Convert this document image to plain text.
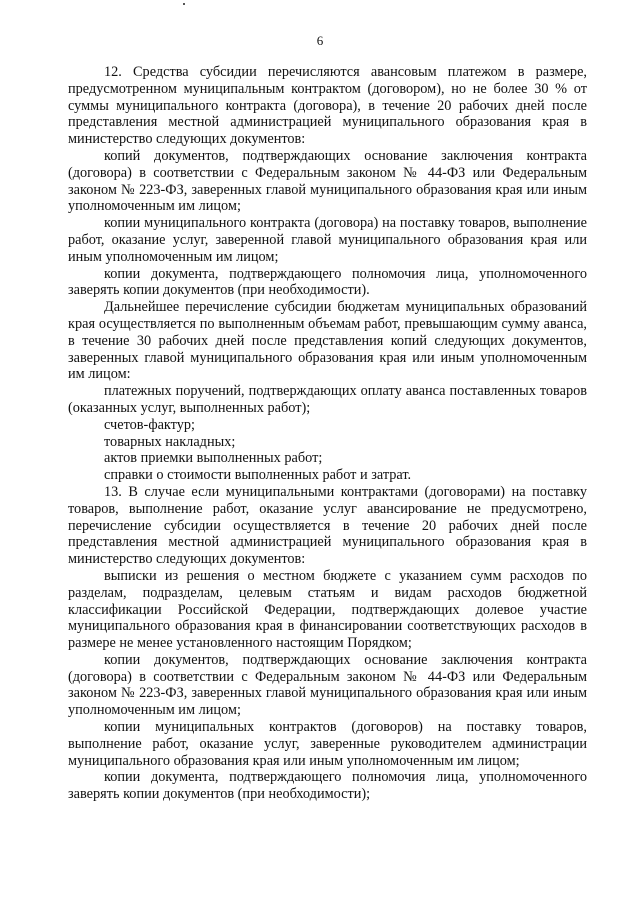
6

12. Средства субсидии перечисляются авансовым платежом в размере, предусмотренном муниципальным контрактом (договором), но не более 30 % от суммы муниципального контракта (договора), в течение 20 рабочих дней после представления местной администрацией муниципального образования края в министерство следующих документов:

копий документов, подтверждающих основание заключения контракта (договора) в соответствии с Федеральным законом № 44-ФЗ или Федеральным законом № 223-ФЗ, заверенных главой муниципального образования края или иным уполномоченным им лицом;

копии муниципального контракта (договора) на поставку товаров, выполнение работ, оказание услуг, заверенной главой муниципального образования края или иным уполномоченным им лицом;

копии документа, подтверждающего полномочия лица, уполномоченного заверять копии документов (при необходимости).

Дальнейшее перечисление субсидии бюджетам муниципальных образований края осуществляется по выполненным объемам работ, превышающим сумму аванса, в течение 30 рабочих дней после представления копий следующих документов, заверенных главой муниципального образования края или иным уполномоченным им лицом:

платежных поручений, подтверждающих оплату аванса поставленных товаров (оказанных услуг, выполненных работ);

счетов-фактур;

товарных накладных;

актов приемки выполненных работ;

справки о стоимости выполненных работ и затрат.

13. В случае если муниципальными контрактами (договорами) на поставку товаров, выполнение работ, оказание услуг авансирование не предусмотрено, перечисление субсидии осуществляется в течение 20 рабочих дней после представления местной администрацией муниципального образования края в министерство следующих документов:

выписки из решения о местном бюджете с указанием сумм расходов по разделам, подразделам, целевым статьям и видам расходов бюджетной классификации Российской Федерации, подтверждающих долевое участие муниципального образования края в финансировании соответствующих расходов в размере не менее установленного настоящим Порядком;

копии документов, подтверждающих основание заключения контракта (договора) в соответствии с Федеральным законом № 44-ФЗ или Федеральным законом № 223-ФЗ, заверенных главой муниципального образования края или иным уполномоченным им лицом;

копии муниципальных контрактов (договоров) на поставку товаров, выполнение работ, оказание услуг, заверенные руководителем администрации муниципального образования края или иным уполномоченным им лицом;

копии документа, подтверждающего полномочия лица, уполномоченного заверять копии документов (при необходимости);
